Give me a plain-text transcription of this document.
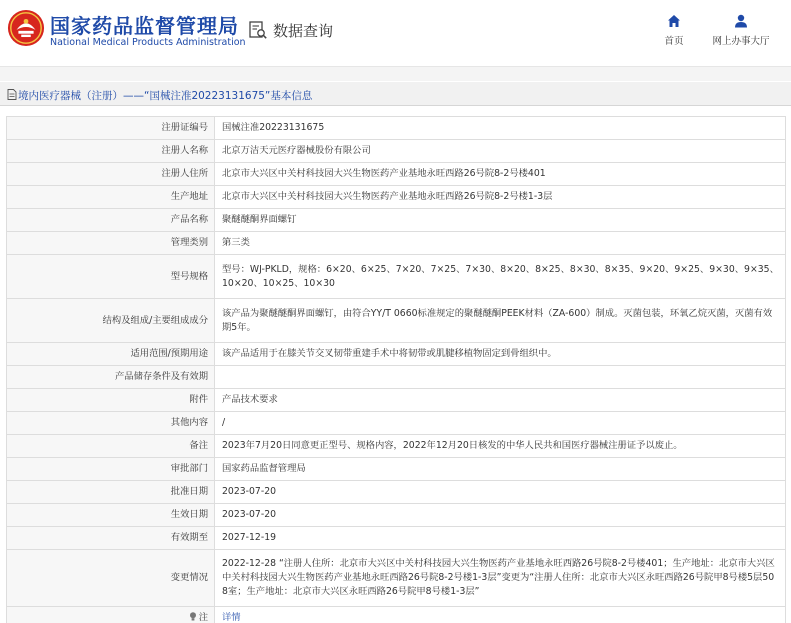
国家药品监督管理局
National Medical Products Administration
数据查询
首页	网上办事大厅
境内医疗器械（注册）——“国械注准20223131675”基本信息
注册证编号	国械注准20223131675
注册人名称	北京万洁天元医疗器械股份有限公司
注册人住所	北京市大兴区中关村科技园大兴生物医药产业基地永旺西路26号院8-2号楼401
生产地址	北京市大兴区中关村科技园大兴生物医药产业基地永旺西路26号院8-2号楼1-3层
产品名称	聚醚醚酮界面螺钉
管理类别	第三类
型号规格	型号：WJ-PKLD，规格：6×20、6×25、7×20、7×25、7×30、8×20、8×25、8×30、8×35、9×20、9×25、9×30、9×35、10×20、10×25、10×30
结构及组成/主要组成成分	该产品为聚醚醚酮界面螺钉，由符合YY/T 0660标准规定的聚醚醚酮PEEK材料（ZA-600）制成。灭菌包装，环氧乙烷灭菌，灭菌有效期5年。
适用范围/预期用途	该产品适用于在膝关节交叉韧带重建手术中将韧带或肌腱移植物固定到骨组织中。
产品储存条件及有效期	
附件	产品技术要求
其他内容	/
备注	2023年7月20日同意更正型号、规格内容，2022年12月20日核发的中华人民共和国医疗器械注册证予以废止。
审批部门	国家药品监督管理局
批准日期	2023-07-20
生效日期	2023-07-20
有效期至	2027-12-19
变更情况	2022-12-28 “注册人住所：北京市大兴区中关村科技园大兴生物医药产业基地永旺西路26号院8-2号楼401；生产地址：北京市大兴区中关村科技园大兴生物医药产业基地永旺西路26号院8-2号楼1-3层”变更为“注册人住所：北京市大兴区永旺西路26号院甲8号楼5层508室；生产地址：北京市大兴区永旺西路26号院甲8号楼1-3层”
注	详情
